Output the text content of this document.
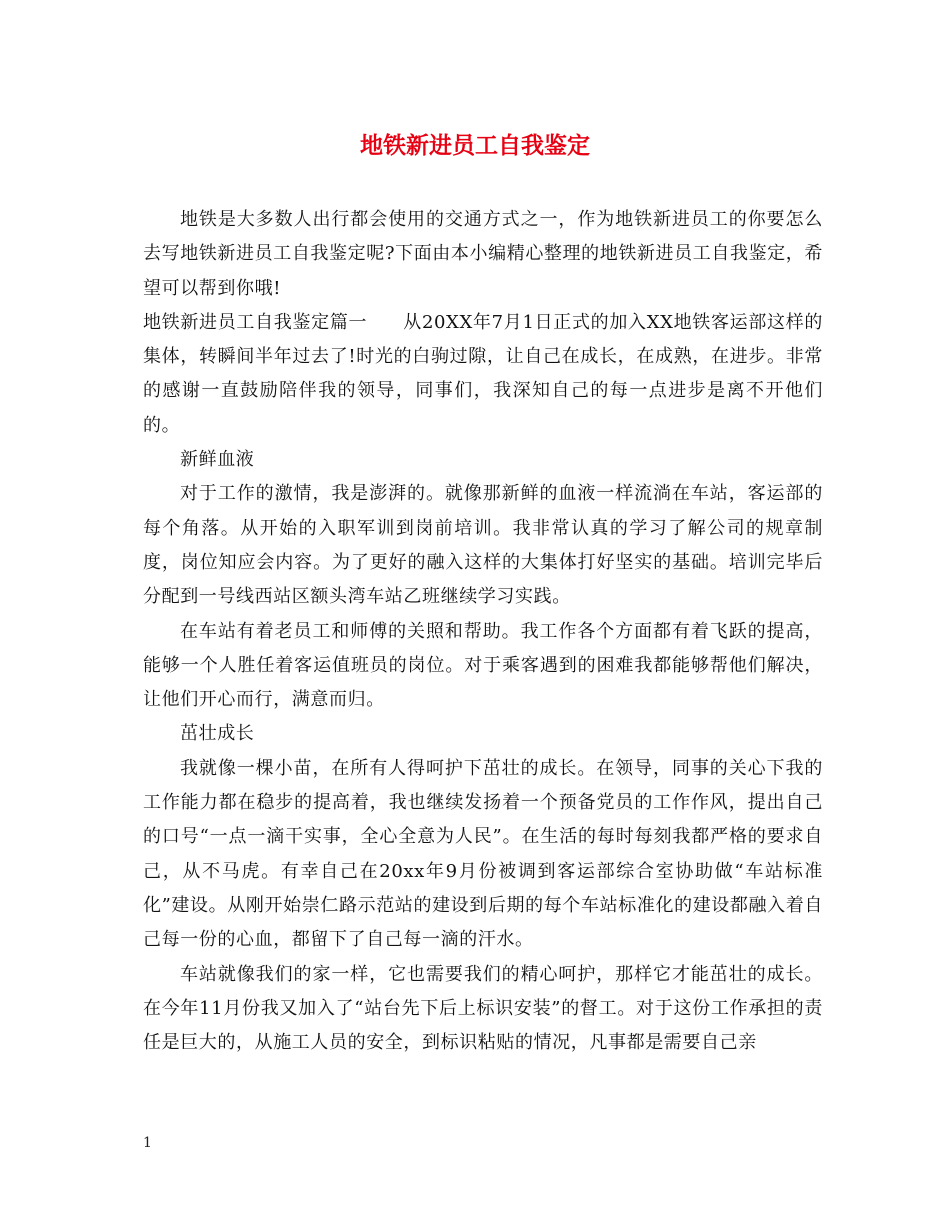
地铁新进员工自我鉴定

地铁是大多数人出行都会使用的交通方式之一，作为地铁新进员工的你要怎么去写地铁新进员工自我鉴定呢?下面由本小编精心整理的地铁新进员工自我鉴定，希望可以帮到你哦!

地铁新进员工自我鉴定篇一 从20XX年7月1日正式的加入XX地铁客运部这样的集体，转瞬间半年过去了!时光的白驹过隙，让自己在成长，在成熟，在进步。非常的感谢一直鼓励陪伴我的领导，同事们，我深知自己的每一点进步是离不开他们的。

新鲜血液

对于工作的激情，我是澎湃的。就像那新鲜的血液一样流淌在车站，客运部的每个角落。从开始的入职军训到岗前培训。我非常认真的学习了解公司的规章制度，岗位知应会内容。为了更好的融入这样的大集体打好坚实的基础。培训完毕后分配到一号线西站区额头湾车站乙班继续学习实践。

在车站有着老员工和师傅的关照和帮助。我工作各个方面都有着飞跃的提高，能够一个人胜任着客运值班员的岗位。对于乘客遇到的困难我都能够帮他们解决，让他们开心而行，满意而归。

茁壮成长

我就像一棵小苗，在所有人得呵护下茁壮的成长。在领导，同事的关心下我的工作能力都在稳步的提高着，我也继续发扬着一个预备党员的工作作风，提出自己的口号“一点一滴干实事，全心全意为人民”。在生活的每时每刻我都严格的要求自己，从不马虎。有幸自己在20xx年9月份被调到客运部综合室协助做“车站标准化”建设。从刚开始崇仁路示范站的建设到后期的每个车站标准化的建设都融入着自己每一份的心血，都留下了自己每一滴的汗水。

车站就像我们的家一样，它也需要我们的精心呵护，那样它才能茁壮的成长。在今年11月份我又加入了“站台先下后上标识安装”的督工。对于这份工作承担的责任是巨大的，从施工人员的安全，到标识粘贴的情况，凡事都是需要自己亲

1
